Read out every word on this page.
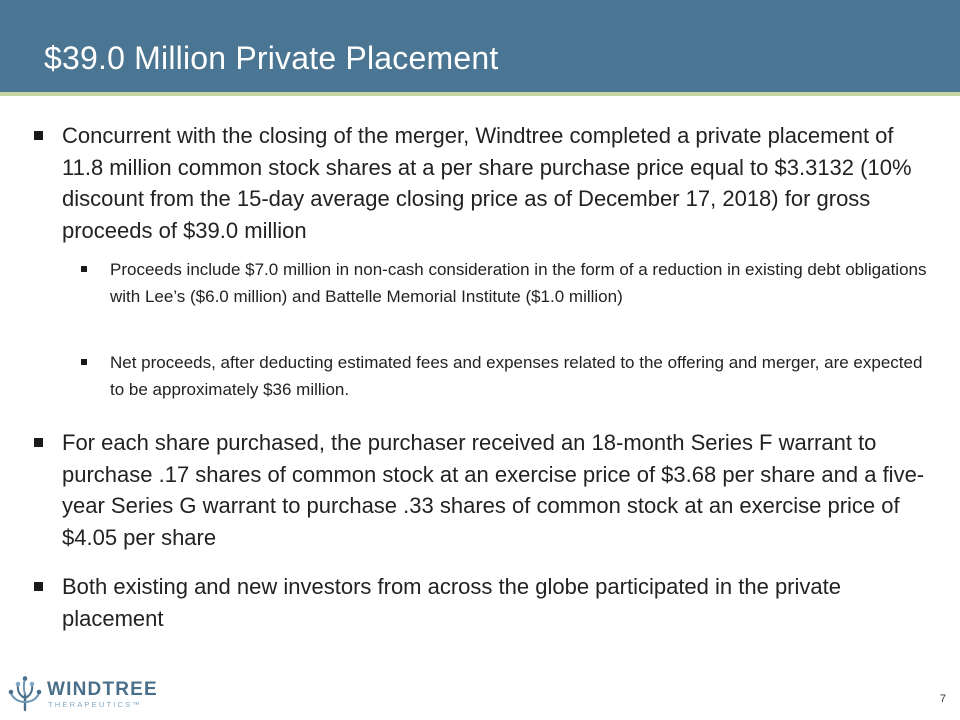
$39.0 Million Private Placement
Concurrent with the closing of the merger, Windtree completed a private placement of 11.8 million common stock shares at a per share purchase price equal to $3.3132 (10% discount from the 15-day average closing price as of December 17, 2018) for gross proceeds of $39.0 million
Proceeds include $7.0 million in non-cash consideration in the form of a reduction in existing debt obligations with Lee’s ($6.0 million) and Battelle Memorial Institute ($1.0 million)
Net proceeds, after deducting estimated fees and expenses related to the offering and merger, are expected to be approximately $36 million.
For each share purchased, the purchaser received an 18-month Series F warrant to purchase .17 shares of common stock at an exercise price of $3.68 per share and a five-year Series G warrant to purchase .33 shares of common stock at an exercise price of $4.05 per share
Both existing and new investors from across the globe participated in the private placement
WINDTREE
THERAPEUTICS™	7
